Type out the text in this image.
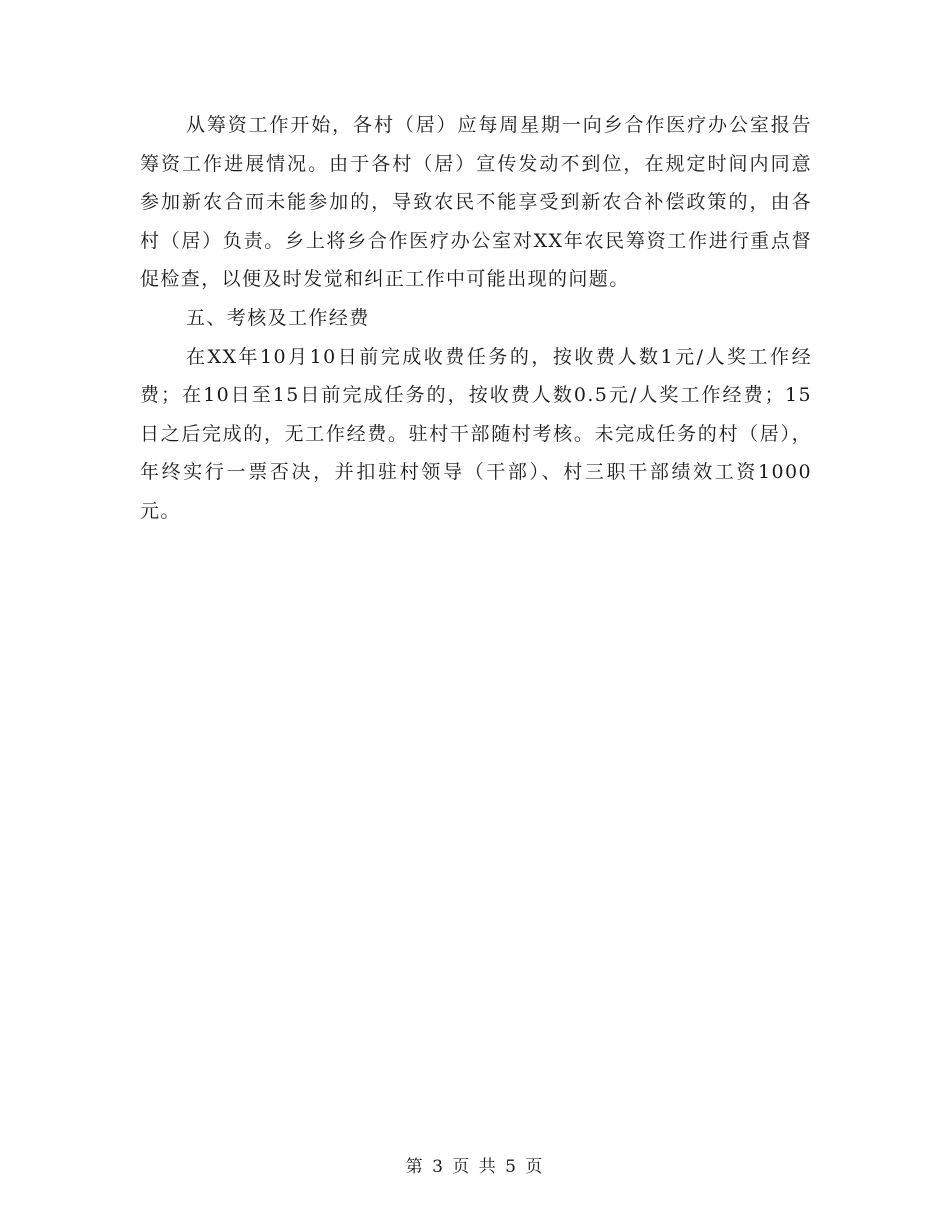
从筹资工作开始，各村（居）应每周星期一向乡合作医疗办公室报告筹资工作进展情况。由于各村（居）宣传发动不到位，在规定时间内同意参加新农合而未能参加的，导致农民不能享受到新农合补偿政策的，由各村（居）负责。乡上将乡合作医疗办公室对XX年农民筹资工作进行重点督促检查，以便及时发觉和纠正工作中可能出现的问题。

五、考核及工作经费

在XX年10月10日前完成收费任务的，按收费人数1元/人奖工作经费；在10日至15日前完成任务的，按收费人数0.5元/人奖工作经费；15日之后完成的，无工作经费。驻村干部随村考核。未完成任务的村（居），年终实行一票否决，并扣驻村领导（干部）、村三职干部绩效工资1000元。

第 3 页 共 5 页
